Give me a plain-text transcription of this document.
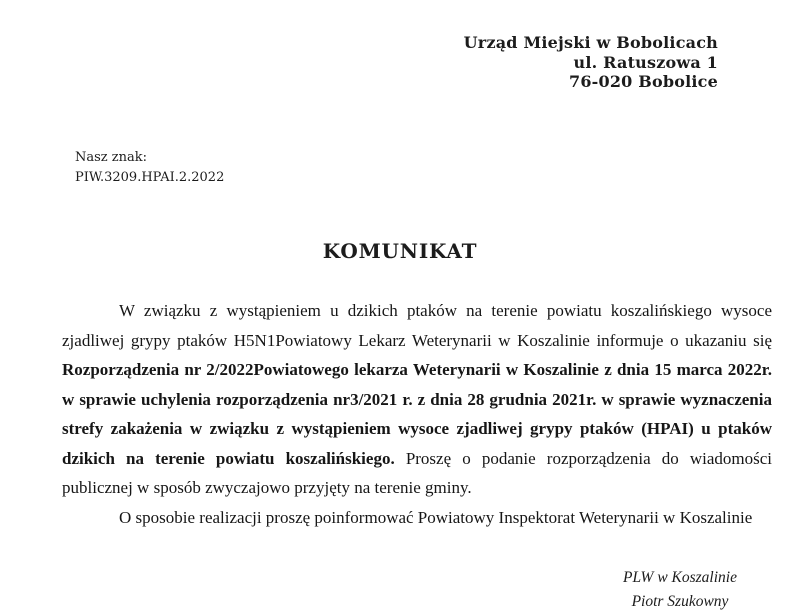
Urząd Miejski w Bobolicach
ul. Ratuszowa 1
76-020 Bobolice
Nasz znak:
PIW.3209.HPAI.2.2022
KOMUNIKAT

W związku z wystąpieniem u dzikich ptaków na terenie powiatu koszalińskiego wysoce zjadliwej grypy ptaków H5N1Powiatowy Lekarz Weterynarii w Koszalinie informuje o ukazaniu się Rozporządzenia nr 2/2022Powiatowego lekarza Weterynarii w Koszalinie z dnia 15 marca 2022r. w sprawie uchylenia rozporządzenia nr3/2021 r. z dnia 28 grudnia 2021r. w sprawie wyznaczenia strefy zakażenia w związku z wystąpieniem wysoce zjadliwej grypy ptaków (HPAI) u ptaków dzikich na terenie powiatu koszalińskiego. Proszę o podanie rozporządzenia do wiadomości publicznej w sposób zwyczajowo przyjęty na terenie gminy.

O sposobie realizacji proszę poinformować Powiatowy Inspektorat Weterynarii w Koszalinie

PLW w Koszalinie
Piotr Szukowny
